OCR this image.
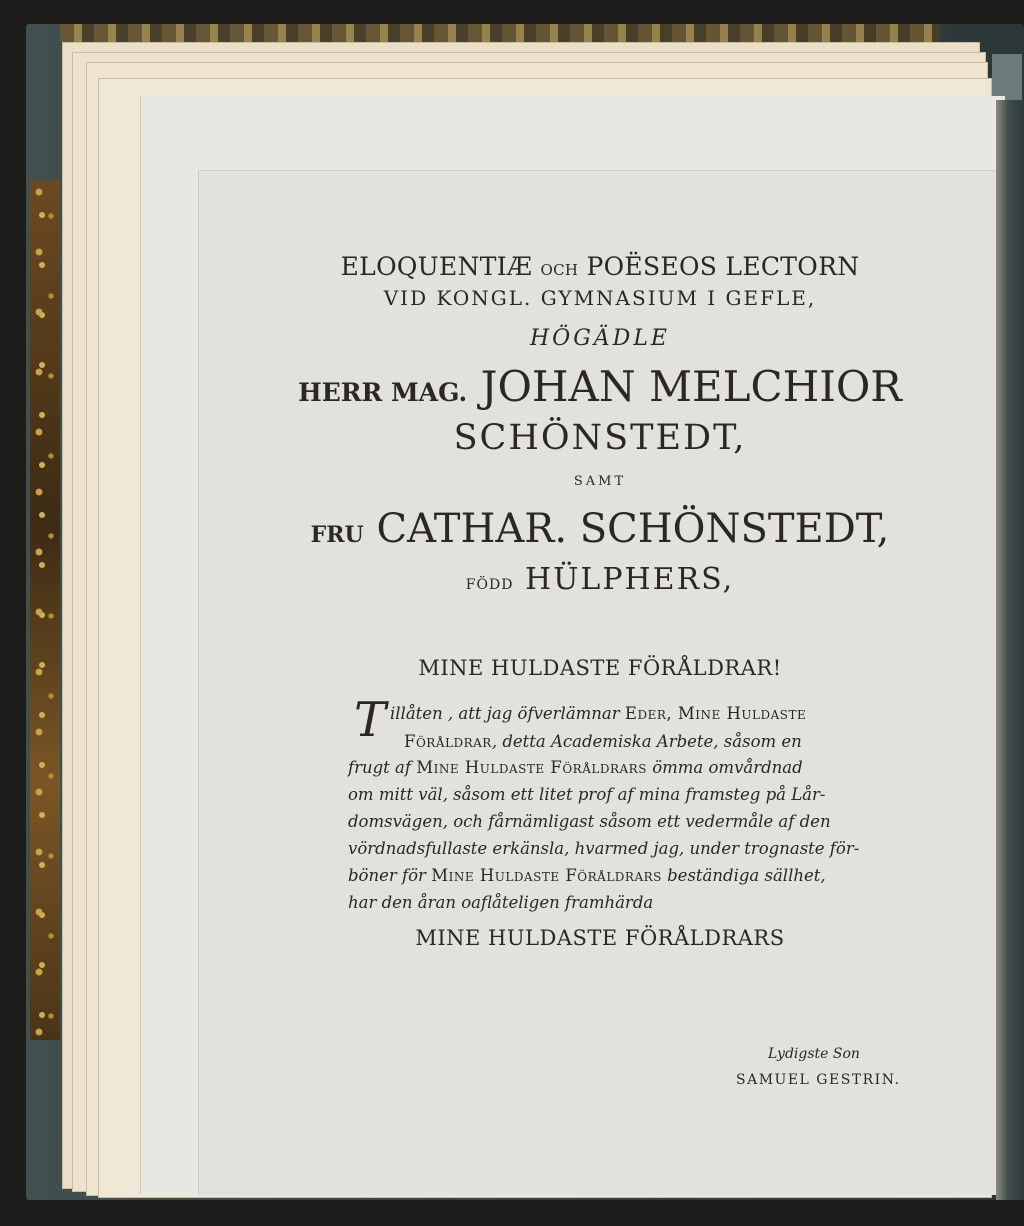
ELOQUENTIÆ OCH POËSEOS LECTORN
VID KONGL. GYMNASIUM I GEFLE,
HÖGÄDLE
HERR MAG. JOHAN MELCHIOR
SCHÖNSTEDT,
SAMT
FRU CATHAR. SCHÖNSTEDT,
FÖDD HÜLPHERS,
MINE HULDASTE FÖRÅLDRAR!
T illåten , att jag öfverlämnar Eder, Mine Huldaste
Föråldrar, detta Academiska Arbete, såsom en
frugt af Mine Huldaste Föråldrars ömma omvårdnad
om mitt väl, såsom ett litet prof af mina framsteg på Lår-
domsvägen, och fårnämligast såsom ett vedermåle af den
vördnadsfullaste erkänsla, hvarmed jag, under trognaste för-
böner för Mine Huldaste Föråldrars beständiga sällhet,
har den åran oaflåteligen framhärda
MINE HULDASTE FÖRÅLDRARS
Lydigste Son
SAMUEL GESTRIN.
